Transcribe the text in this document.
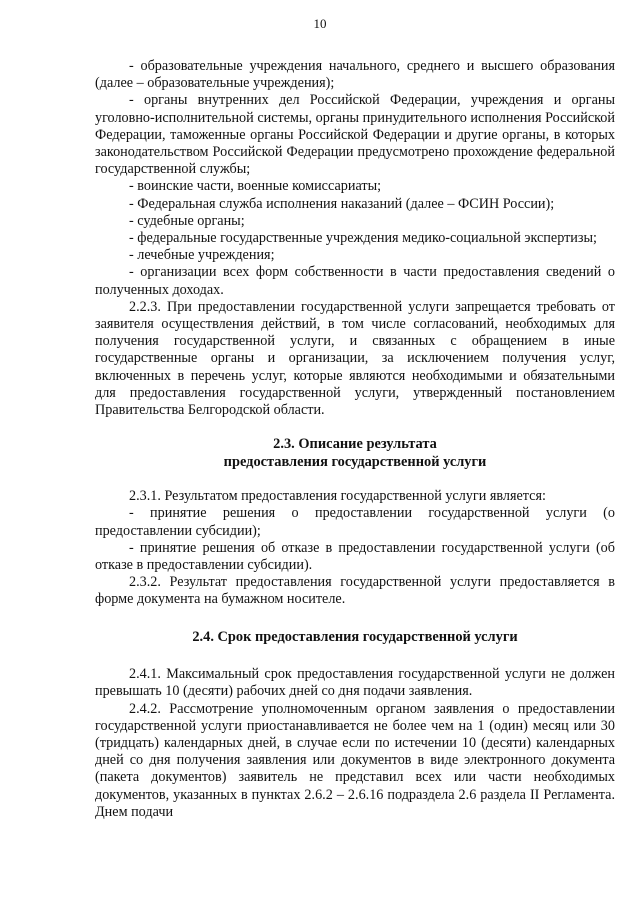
10

- образовательные учреждения начального, среднего и высшего образования (далее – образовательные учреждения);

- органы внутренних дел Российской Федерации, учреждения и органы уголовно-исполнительной системы, органы принудительного исполнения Российской Федерации, таможенные органы Российской Федерации и другие органы, в которых законодательством Российской Федерации предусмотрено прохождение федеральной государственной службы;

- воинские части, военные комиссариаты;

- Федеральная служба исполнения наказаний (далее – ФСИН России);

- судебные органы;

- федеральные государственные учреждения медико-социальной экспертизы;

- лечебные учреждения;

- организации всех форм собственности в части предоставления сведений о полученных доходах.

2.2.3. При предоставлении государственной услуги запрещается требовать от заявителя осуществления действий, в том числе согласований, необходимых для получения государственной услуги, и связанных с обращением в иные государственные органы и организации, за исключением получения услуг, включенных в перечень услуг, которые являются необходимыми и обязательными для предоставления государственной услуги, утвержденный постановлением Правительства Белгородской области.

2.3. Описание результата

предоставления государственной услуги

2.3.1. Результатом предоставления государственной услуги является:

- принятие решения о предоставлении государственной услуги (о предоставлении субсидии);

- принятие решения об отказе в предоставлении государственной услуги (об отказе в предоставлении субсидии).

2.3.2. Результат предоставления государственной услуги предоставляется в форме документа на бумажном носителе.

2.4. Срок предоставления государственной услуги

2.4.1. Максимальный срок предоставления государственной услуги не должен превышать 10 (десяти) рабочих дней со дня подачи заявления.

2.4.2. Рассмотрение уполномоченным органом заявления о предоставлении государственной услуги приостанавливается не более чем на 1 (один) месяц или 30 (тридцать) календарных дней, в случае если по истечении 10 (десяти) календарных дней со дня получения заявления или документов в виде электронного документа (пакета документов) заявитель не представил всех или части необходимых документов, указанных в пунктах 2.6.2 – 2.6.16 подраздела 2.6 раздела II Регламента. Днем подачи
